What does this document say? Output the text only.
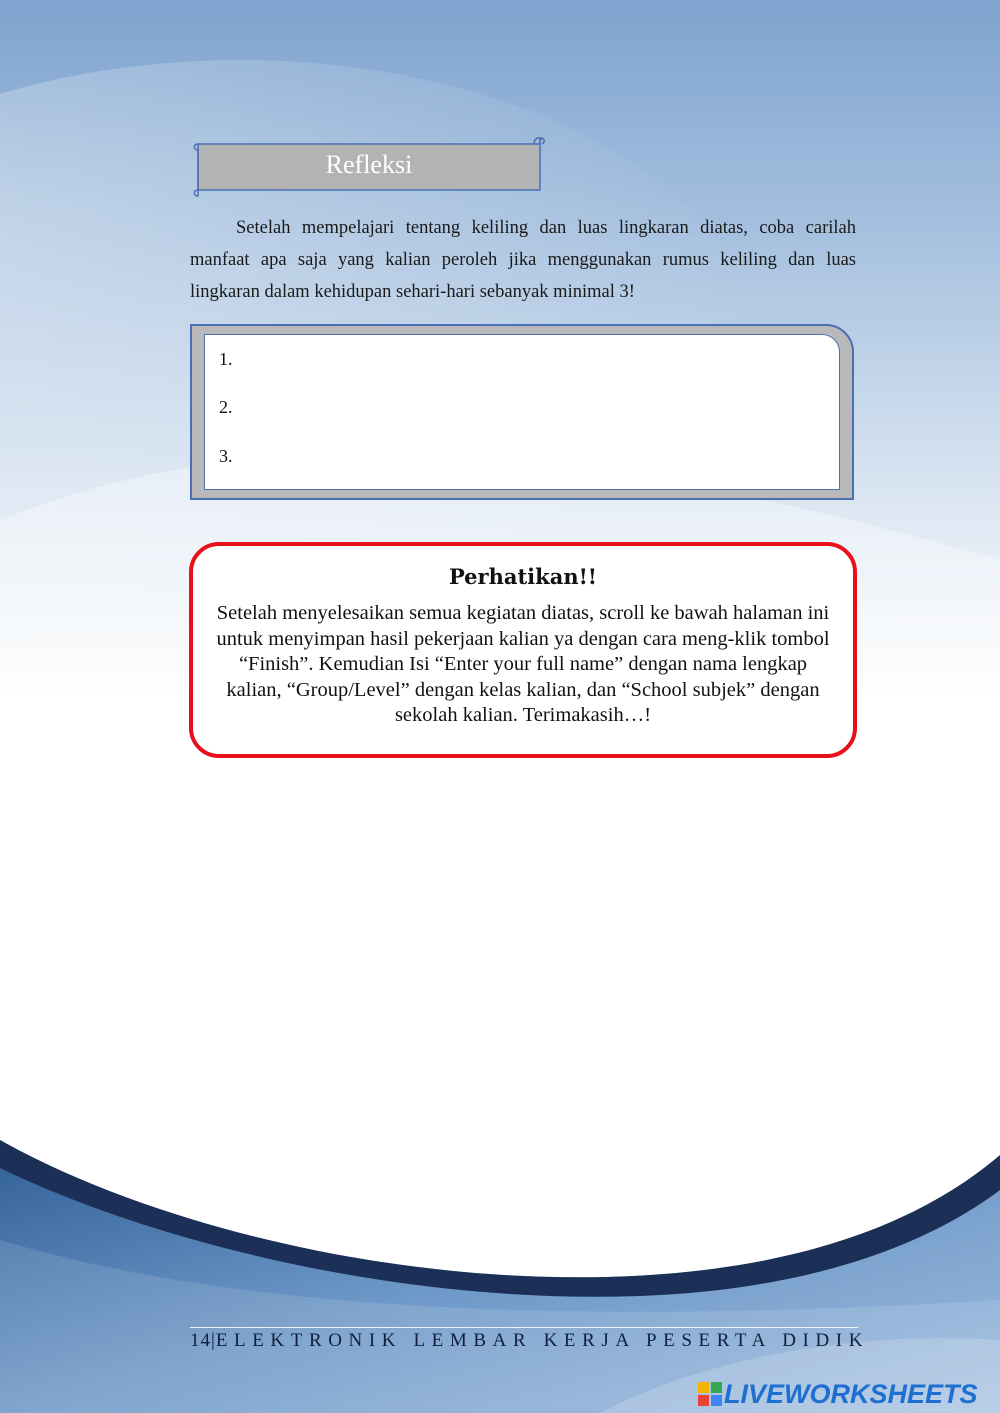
Refleksi

Setelah mempelajari tentang keliling dan luas lingkaran diatas, coba carilah manfaat apa saja yang kalian peroleh jika menggunakan rumus keliling dan luas lingkaran dalam kehidupan sehari-hari sebanyak minimal 3!

1.
2.
3.
Perhatikan!!
Setelah menyelesaikan semua kegiatan diatas, scroll ke bawah halaman ini untuk menyimpan hasil pekerjaan kalian ya dengan cara meng-klik tombol “Finish”. Kemudian Isi “Enter your full name” dengan nama lengkap kalian, “Group/Level” dengan kelas kalian, dan “School subjek” dengan sekolah kalian. Terimakasih…!
14|ELEKTRONIK LEMBAR KERJA PESERTA DIDIK
LIVEWORKSHEETS
